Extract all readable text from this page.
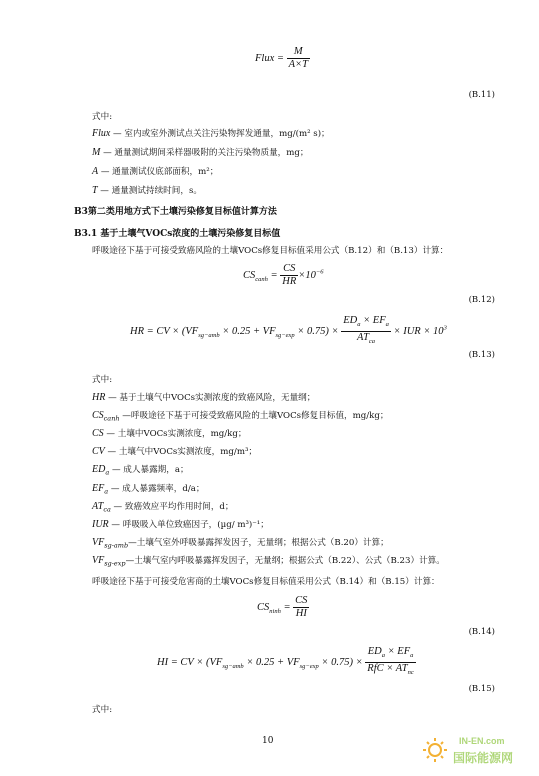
Flux = $\frac{M}{A\times T}$
(B.11)
式中:
Flux — 室内或室外测试点关注污染物挥发通量，mg/(m² s)；
M — 通量测试期间采样器吸附的关注污染物质量，mg；
A — 通量测试仪底部面积，m²；
T — 通量测试持续时间，s。
B3第二类用地方式下土壤污染修复目标值计算方法
B3.1 基于土壤气VOCs浓度的土壤污染修复目标值
呼吸途径下基于可接受致癌风险的土壤VOCs修复目标值采用公式（B.12）和（B.13）计算：
$CS_{canh} = \frac{CS}{HR} \times 10^{-6}$
(B.12)
HR = CV × $(VF_{sg-amb} \times 0.25 + VF_{sg-exp} \times 0.75) \times \frac{ED_a \times EF_a}{AT_{ca}}$ × IUR × $10^3$
(B.13)
式中:
HR — 基于土壤气中VOCs实测浓度的致癌风险，无量纲；
$CS_{canh}$ —呼吸途径下基于可接受致癌风险的土壤VOCs修复目标值，mg/kg；
CS — 土壤中VOCs实测浓度，mg/kg；
CV — 土壤气中VOCs实测浓度，mg/m³；
$ED_a$ — 成人暴露期，a；
$EF_a$ — 成人暴露频率，d/a；
$AT_{ca}$ — 致癌效应平均作用时间，d；
IUR — 呼吸吸入单位致癌因子，(µg/ m³)⁻¹；
$VF_{sg-amb}—$土壤气室外呼吸暴露挥发因子，无量纲；根据公式（B.20）计算；
$VF_{sg-exp}—$土壤气室内呼吸暴露挥发因子，无量纲；根据公式（B.22）、公式（B.23）计算。
呼吸途径下基于可接受危害商的土壤VOCs修复目标值采用公式（B.14）和（B.15）计算：
$CS_{ninh} = \frac{CS}{HI}$
(B.14)
HI = CV × $(VF_{sg-amb} \times 0.25 + VF_{sg-exp} \times 0.75) \times \frac{ED_a \times EF_a}{RfC \times AT_{nc}}$
(B.15)
式中:
10	IN-EN.com
国际能源网
